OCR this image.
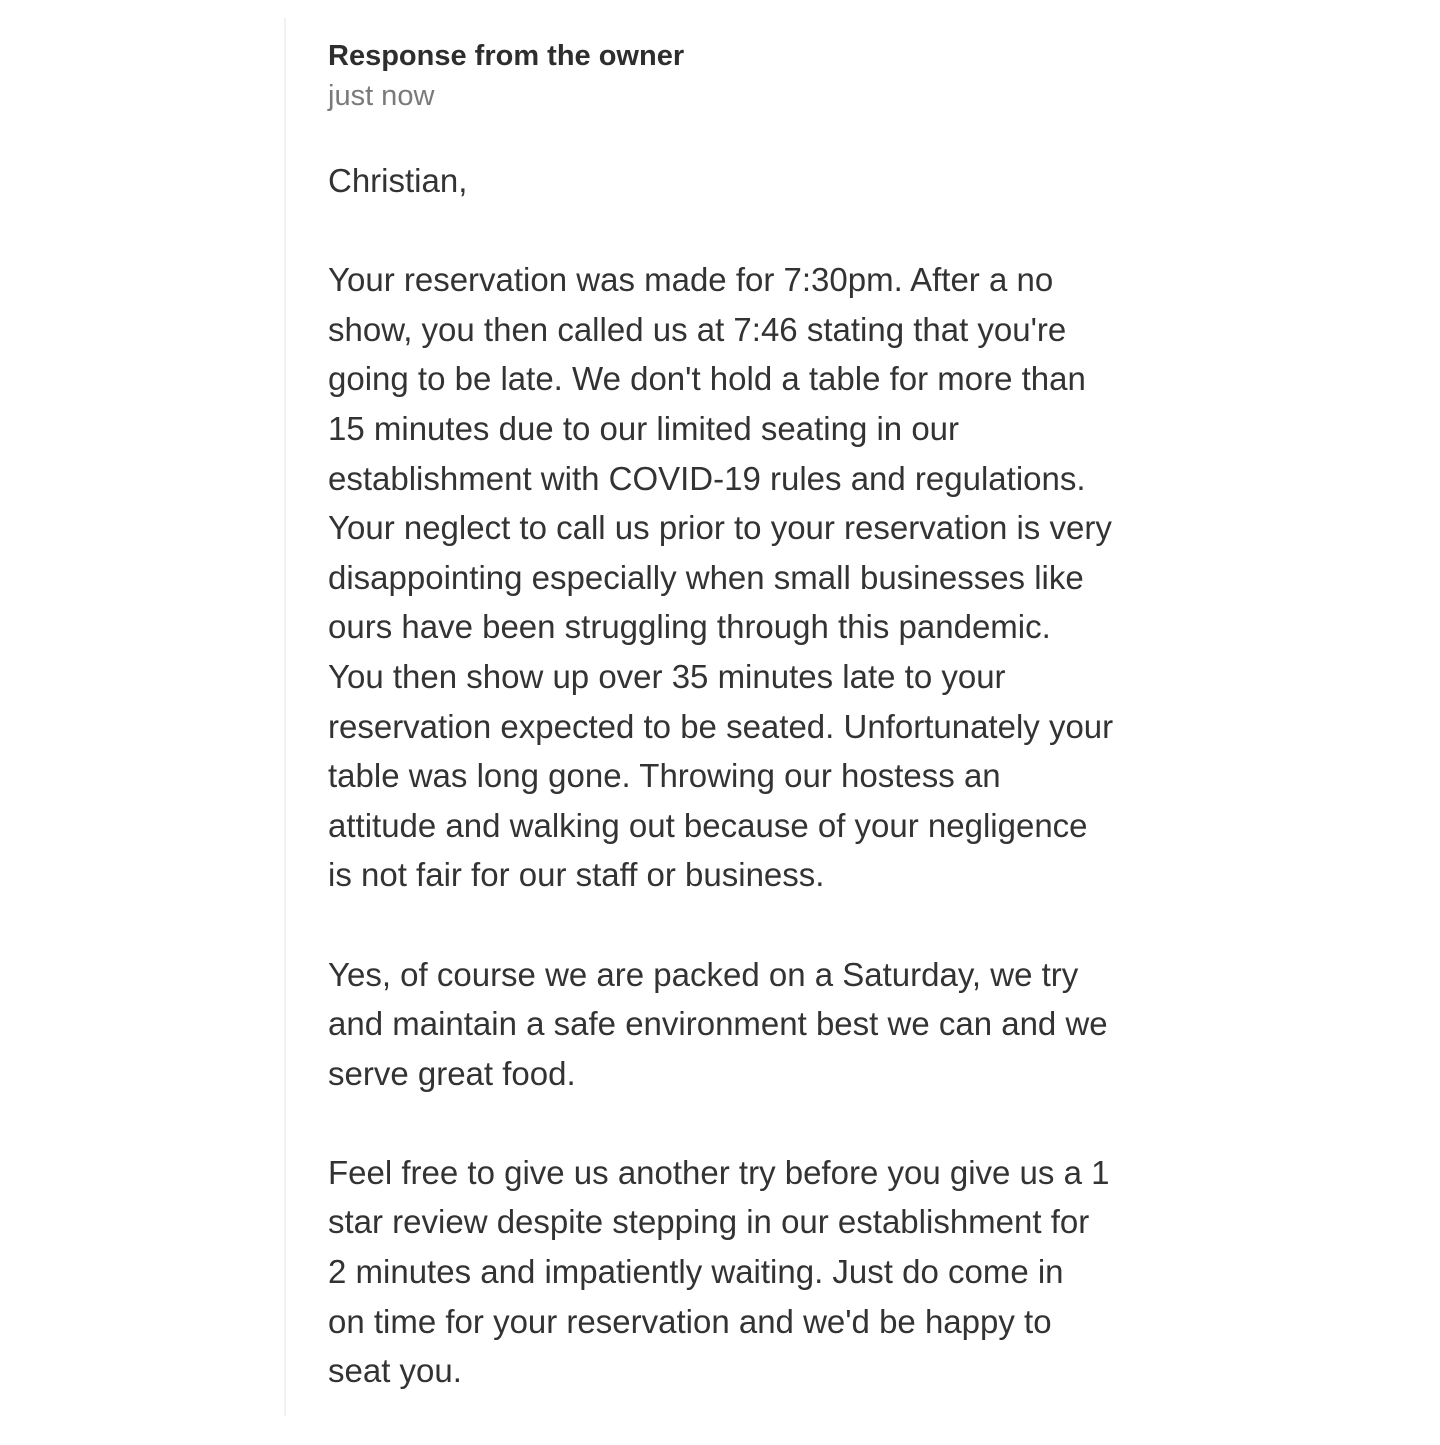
Response from the owner
just now

Christian,

Your reservation was made for 7:30pm. After a no
show, you then called us at 7:46 stating that you're
going to be late. We don't hold a table for more than
15 minutes due to our limited seating in our
establishment with COVID-19 rules and regulations.
Your neglect to call us prior to your reservation is very
disappointing especially when small businesses like
ours have been struggling through this pandemic.
You then show up over 35 minutes late to your
reservation expected to be seated. Unfortunately your
table was long gone. Throwing our hostess an
attitude and walking out because of your negligence
is not fair for our staff or business.

Yes, of course we are packed on a Saturday, we try
and maintain a safe environment best we can and we
serve great food.

Feel free to give us another try before you give us a 1
star review despite stepping in our establishment for
2 minutes and impatiently waiting. Just do come in
on time for your reservation and we'd be happy to
seat you.
